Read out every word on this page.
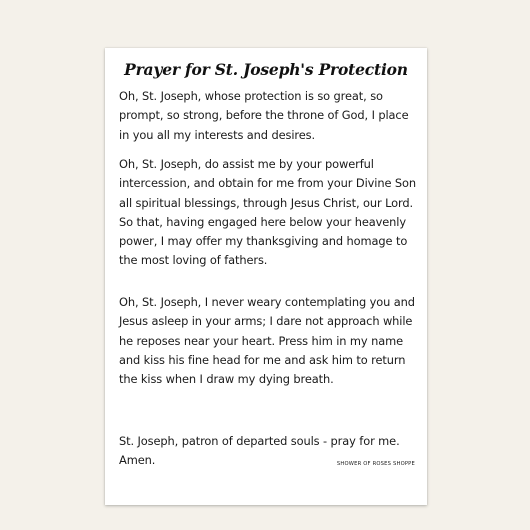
Prayer for St. Joseph's Protection

Oh, St. Joseph, whose protection is so great, so prompt, so strong, before the throne of God, I place in you all my interests and desires.

Oh, St. Joseph, do assist me by your powerful intercession, and obtain for me from your Divine Son all spiritual blessings, through Jesus Christ, our Lord. So that, having engaged here below your heavenly power, I may offer my thanksgiving and homage to the most loving of fathers.

Oh, St. Joseph, I never weary contemplating you and Jesus asleep in your arms; I dare not approach while he reposes near your heart. Press him in my name and kiss his fine head for me and ask him to return the kiss when I draw my dying breath.

St. Joseph, patron of departed souls - pray for me. Amen.	SHOWER OF ROSES SHOPPE
